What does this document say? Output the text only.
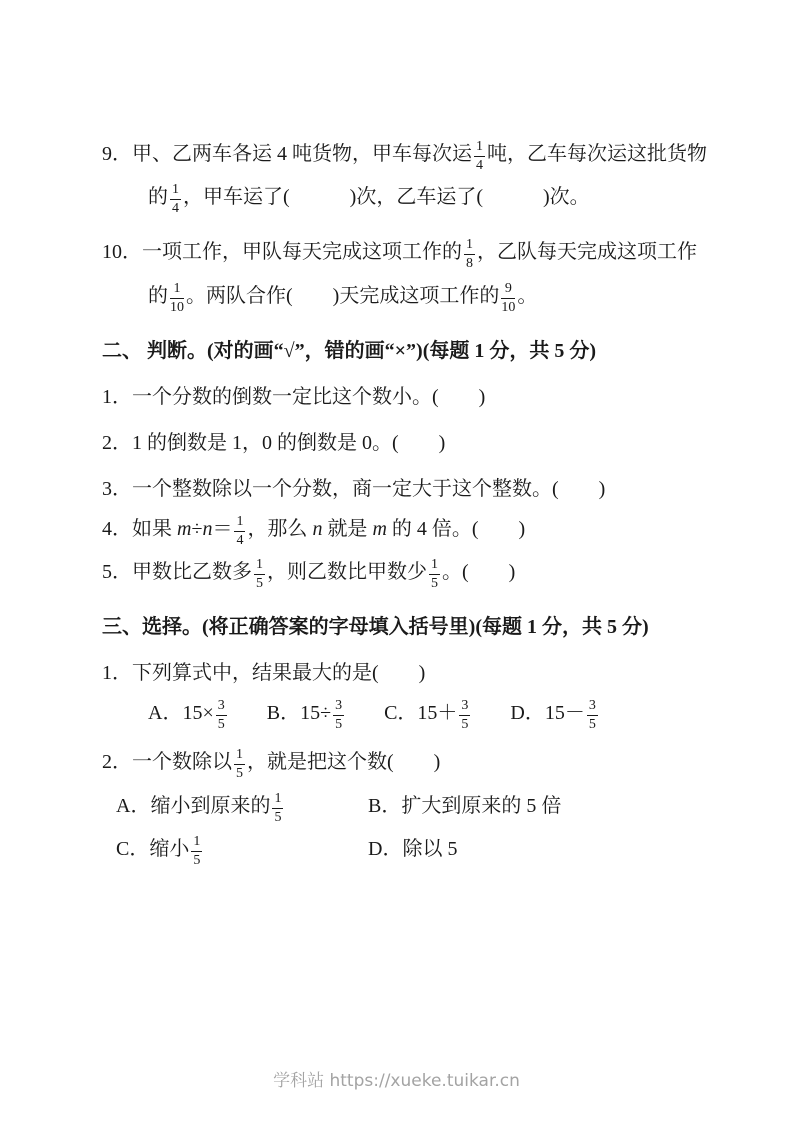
9．甲、乙两车各运 4 吨货物，甲车每次运 $\frac{1}{4}$ 吨，乙车每次运这批货物
的 $\frac{1}{4}$ ，甲车运了(　　　)次，乙车运了(　　　)次。
10．一项工作，甲队每天完成这项工作的 $\frac{1}{8}$ ，乙队每天完成这项工作
的 $\frac{1}{10}$ 。两队合作(　　)天完成这项工作的 $\frac{9}{10}$ 。
二、 判断。(对的画“√”，错的画“×”)(每题 1 分，共 5 分)
1．一个分数的倒数一定比这个数小。(　　)
2．1 的倒数是 1，0 的倒数是 0。(　　)
3．一个整数除以一个分数，商一定大于这个整数。(　　)
4．如果 $m\div n= \frac{1}{4}$ ，那么 n 就是 m 的 4 倍。(　　)
5．甲数比乙数多 $\frac{1}{5}$ ，则乙数比甲数少 $\frac{1}{5}$ 。(　　)
三、选择。(将正确答案的字母填入括号里)(每题 1 分，共 5 分)
1．下列算式中，结果最大的是(　　)
A．$15\times \frac{3}{5}$ B．$15\div \frac{3}{5}$ C．$15+ \frac{3}{5}$ D．$15- \frac{3}{5}$
2．一个数除以 $\frac{1}{5}$ ，就是把这个数(　　)
A．缩小到原来的 $\frac{1}{5}$	B．扩大到原来的 5 倍
C．缩小 $\frac{1}{5}$	D．除以 5
学科站 https://xueke.tuikar.cn
